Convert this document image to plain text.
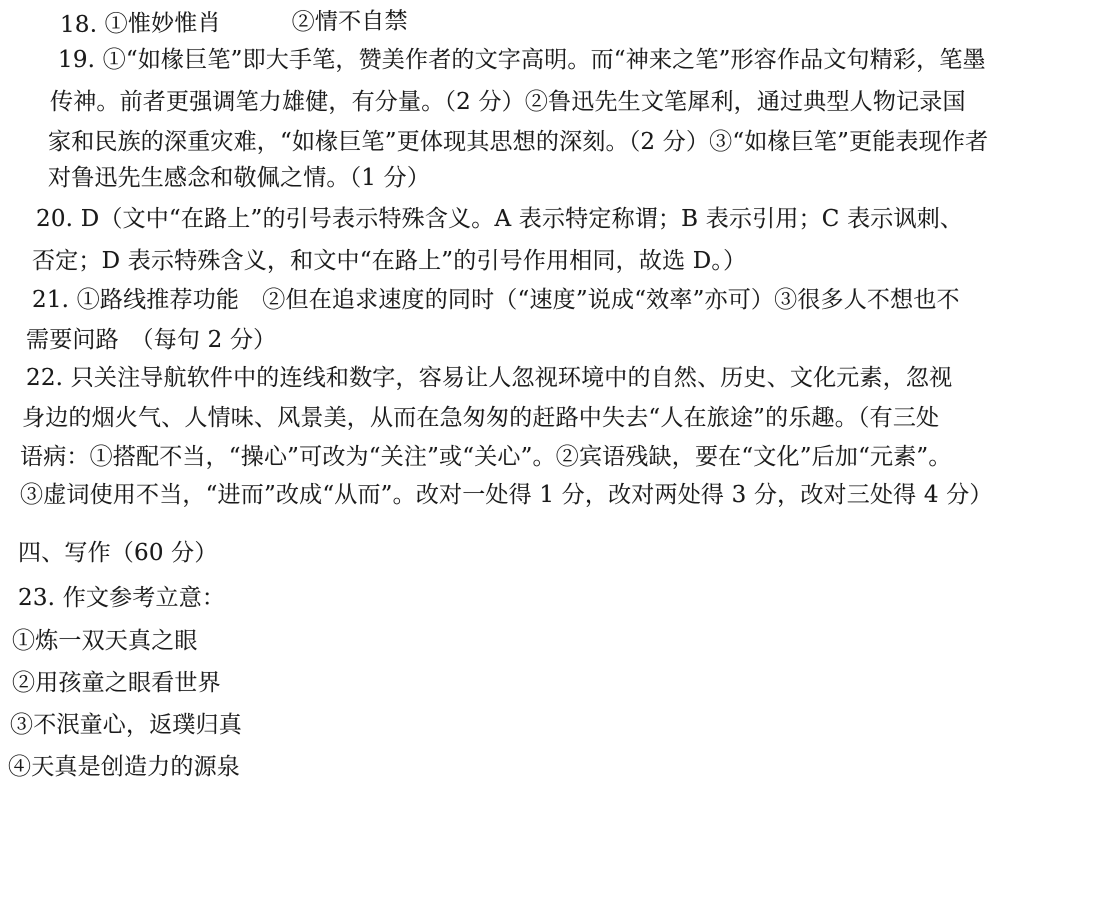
18. ①惟妙惟肖	②情不自禁
19. ①“如椽巨笔”即大手笔，赞美作者的文字高明。而“神来之笔”形容作品文句精彩，笔墨
传神。前者更强调笔力雄健，有分量。（2 分）②鲁迅先生文笔犀利，通过典型人物记录国
家和民族的深重灾难，“如椽巨笔”更体现其思想的深刻。（2 分）③“如椽巨笔”更能表现作者
对鲁迅先生感念和敬佩之情。（1 分）
20. D（文中“在路上”的引号表示特殊含义。A 表示特定称谓；B 表示引用；C 表示讽刺、
否定；D 表示特殊含义，和文中“在路上”的引号作用相同，故选 D。）
21. ①路线推荐功能　②但在追求速度的同时（“速度”说成“效率”亦可）③很多人不想也不
需要问路　（每句 2 分）
22. 只关注导航软件中的连线和数字，容易让人忽视环境中的自然、历史、文化元素，忽视
身边的烟火气、人情味、风景美，从而在急匆匆的赶路中失去“人在旅途”的乐趣。（有三处
语病：①搭配不当，“操心”可改为“关注”或“关心”。②宾语残缺，要在“文化”后加“元素”。
③虚词使用不当，“进而”改成“从而”。改对一处得 1 分，改对两处得 3 分，改对三处得 4 分）
四、写作（60 分）
23. 作文参考立意：
①炼一双天真之眼
②用孩童之眼看世界
③不泯童心，返璞归真
④天真是创造力的源泉
